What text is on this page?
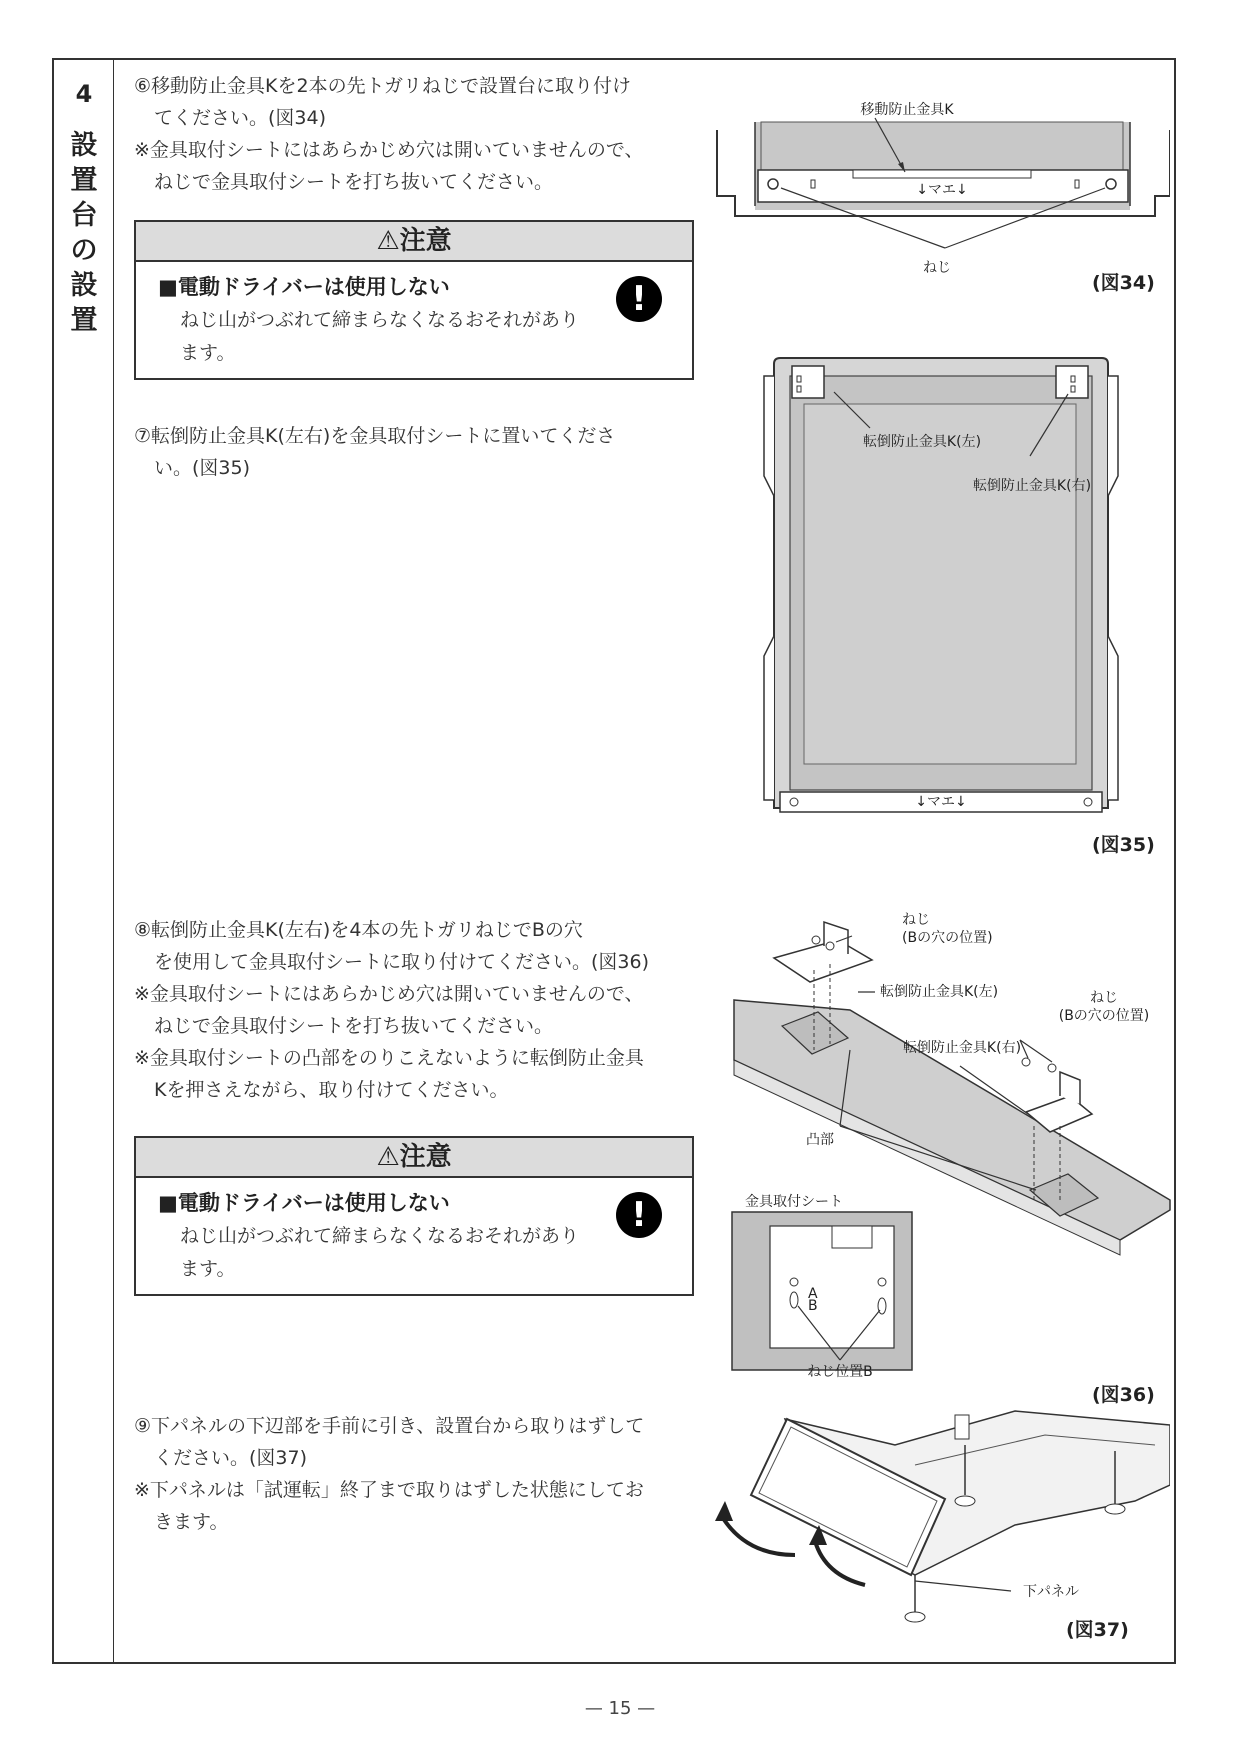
4
設
置
台
の
設
置

⑥移動防止金具Kを2本の先トガリねじで設置台に取り付け

てください。(図34)

※金具取付シートにはあらかじめ穴は開いていませんので、

ねじで金具取付シートを打ち抜いてください。

⚠注意
■電動ドライバーは使用しない
ねじ山がつぶれて締まらなくなるおそれがあり
ます。
!

⑦転倒防止金具K(左右)を金具取付シートに置いてくださ

い。(図35)

⑧転倒防止金具K(左右)を4本の先トガリねじでBの穴

を使用して金具取付シートに取り付けてください。(図36)

※金具取付シートにはあらかじめ穴は開いていませんので、

ねじで金具取付シートを打ち抜いてください。

※金具取付シートの凸部をのりこえないように転倒防止金具

Kを押さえながら、取り付けてください。

⚠注意
■電動ドライバーは使用しない
ねじ山がつぶれて締まらなくなるおそれがあり
ます。
!

⑨下パネルの下辺部を手前に引き、設置台から取りはずして

ください。(図37)

※下パネルは「試運転」終了まで取りはずした状態にしてお

きます。

↓マエ↓
移動防止金具K
ねじ
(図34)
↓マエ↓
転倒防止金具K(左)
転倒防止金具K(右)
(図35)
A
B
ねじ
(Bの穴の位置)
転倒防止金具K(左)	ねじ
(Bの穴の位置)
転倒防止金具K(右)
凸部
金具取付シート
ねじ位置B
(図36)
下パネル
(図37)
— 15 —
